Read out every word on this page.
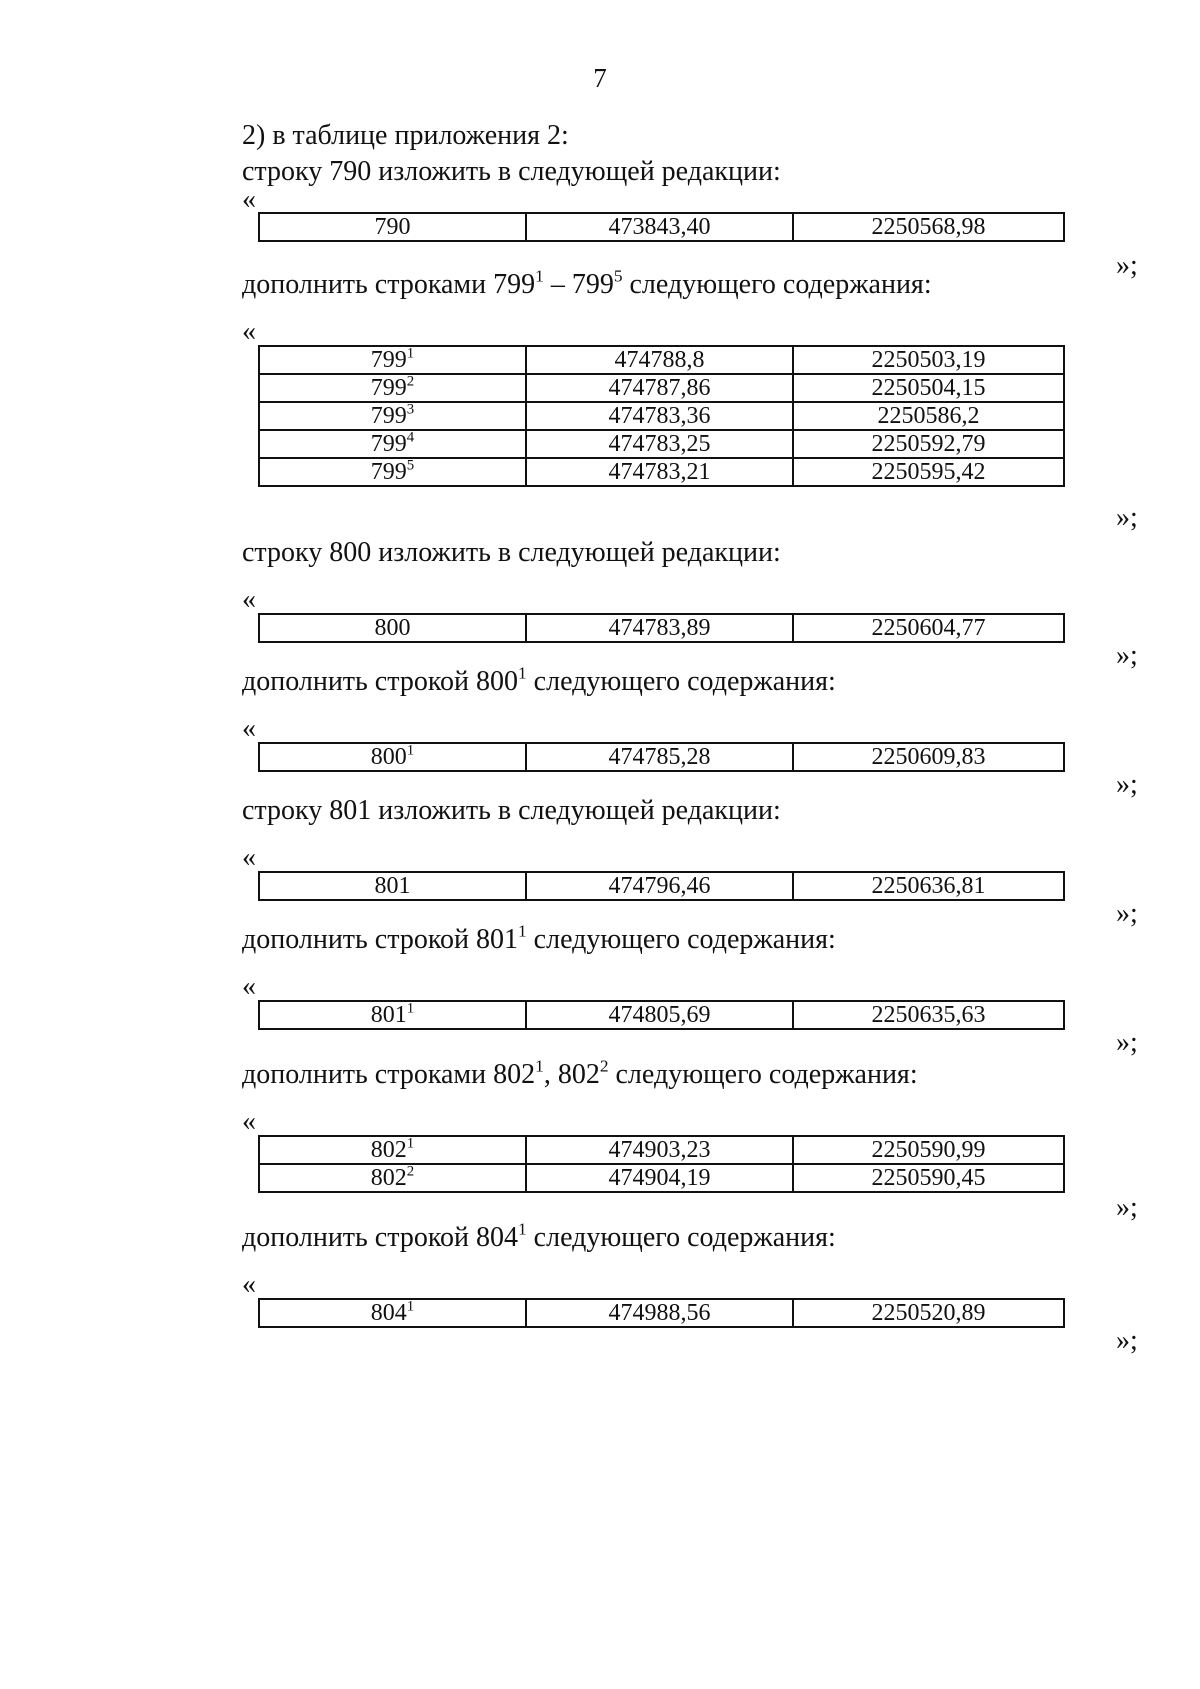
7
2) в таблице приложения 2:
строку 790 изложить в следующей редакции:
«
790	473843,40	2250568,98
»;
дополнить строками $799^1 - 799^5$ следующего содержания:
«
$799^1$	474788,8	2250503,19
$799^2$	474787,86	2250504,15
$799^3$	474783,36	2250586,2
$799^4$	474783,25	2250592,79
$799^5$	474783,21	2250595,42
»;
строку 800 изложить в следующей редакции:
«
800	474783,89	2250604,77
»;
дополнить строкой $800^1$ следующего содержания:
«
$800^1$	474785,28	2250609,83
»;
строку 801 изложить в следующей редакции:
«
801	474796,46	2250636,81
»;
дополнить строкой $801^1$ следующего содержания:
«
$801^1$	474805,69	2250635,63
»;
дополнить строками $802^1$, $802^2$ следующего содержания:
«
$802^1$	474903,23	2250590,99
$802^2$	474904,19	2250590,45
»;
дополнить строкой $804^1$ следующего содержания:
«
$804^1$	474988,56	2250520,89
»;
